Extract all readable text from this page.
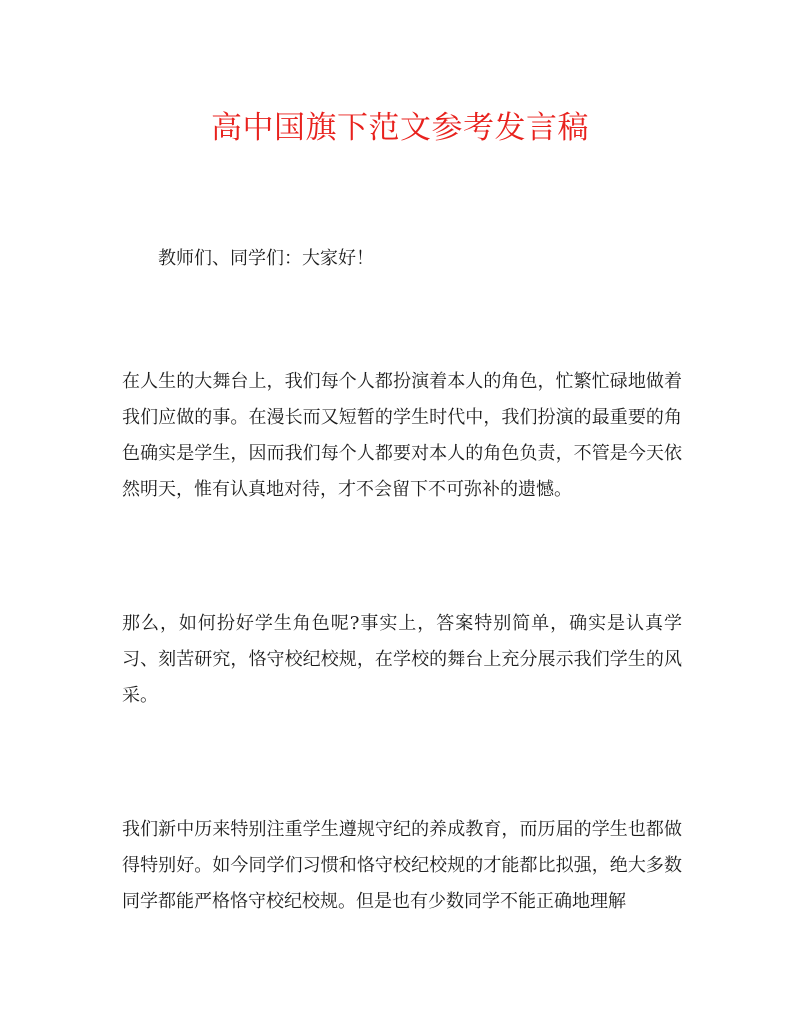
高中国旗下范文参考发言稿

教师们、同学们：大家好！

在人生的大舞台上，我们每个人都扮演着本人的角色，忙繁忙碌地做着我们应做的事。在漫长而又短暂的学生时代中，我们扮演的最重要的角色确实是学生，因而我们每个人都要对本人的角色负责，不管是今天依然明天，惟有认真地对待，才不会留下不可弥补的遗憾。

那么，如何扮好学生角色呢?事实上，答案特别简单，确实是认真学习、刻苦研究，恪守校纪校规，在学校的舞台上充分展示我们学生的风采。

我们新中历来特别注重学生遵规守纪的养成教育，而历届的学生也都做得特别好。如今同学们习惯和恪守校纪校规的才能都比拟强，绝大多数同学都能严格恪守校纪校规。但是也有少数同学不能正确地理解
